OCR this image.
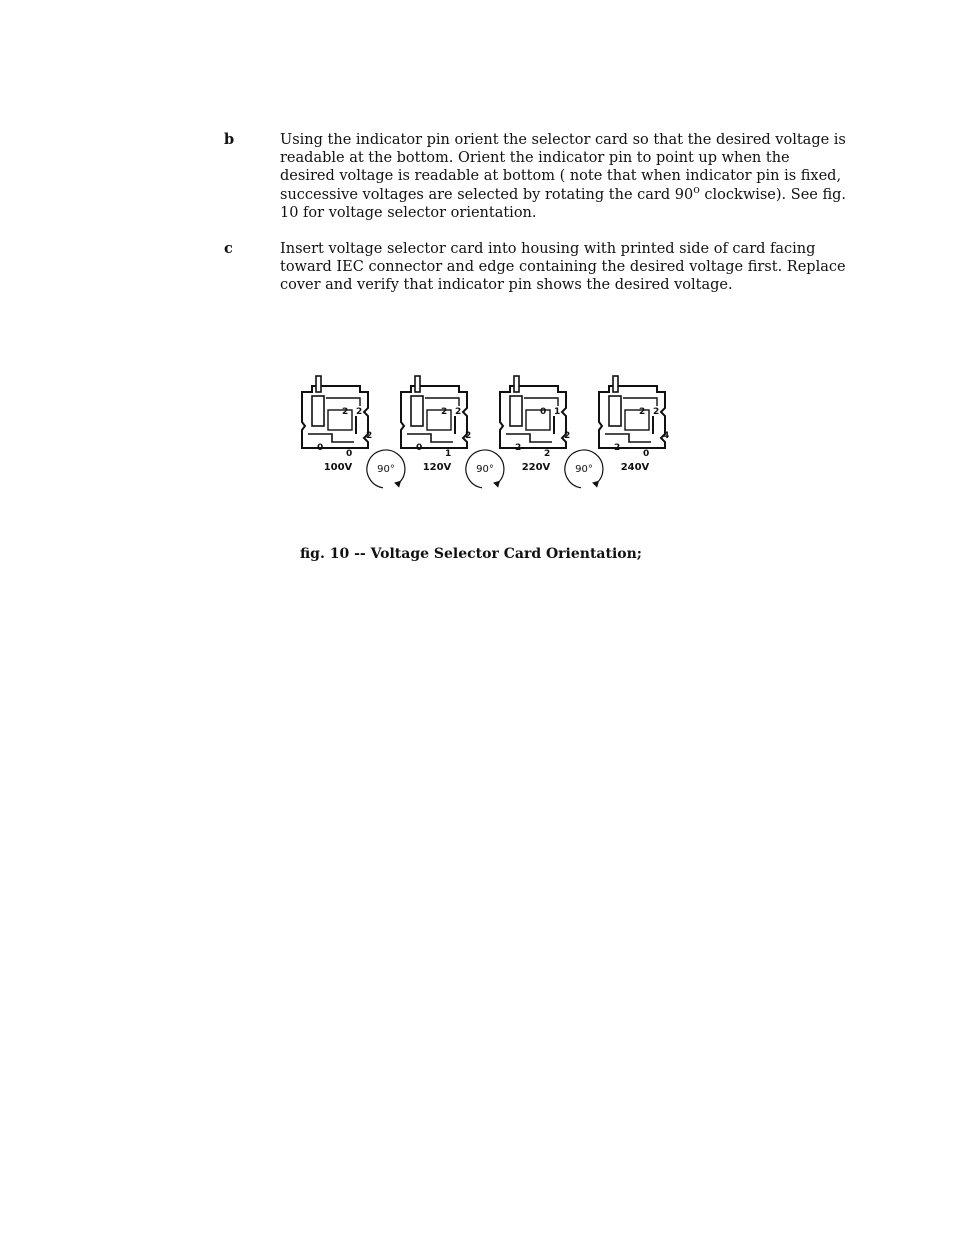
b	Using the indicator pin orient the selector card so that the desired voltage is readable at the bottom. Orient the indicator pin to point up when the desired voltage is readable at bottom ( note that when indicator pin is fixed, successive voltages are selected by rotating the card 90$^o$ clockwise). See fig. 10 for voltage selector orientation.
c	Insert voltage selector card into housing with printed side of card facing toward IEC connector and edge containing the desired voltage first. Replace cover and verify that indicator pin shows the desired voltage.
2 2
0
2
0
100V
2 2
0
2
1
120V
0 1
2
2
2
220V
2 2
2
4
0
240V
90°	90°	90°
fig. 10 -- Voltage Selector Card Orientation;
